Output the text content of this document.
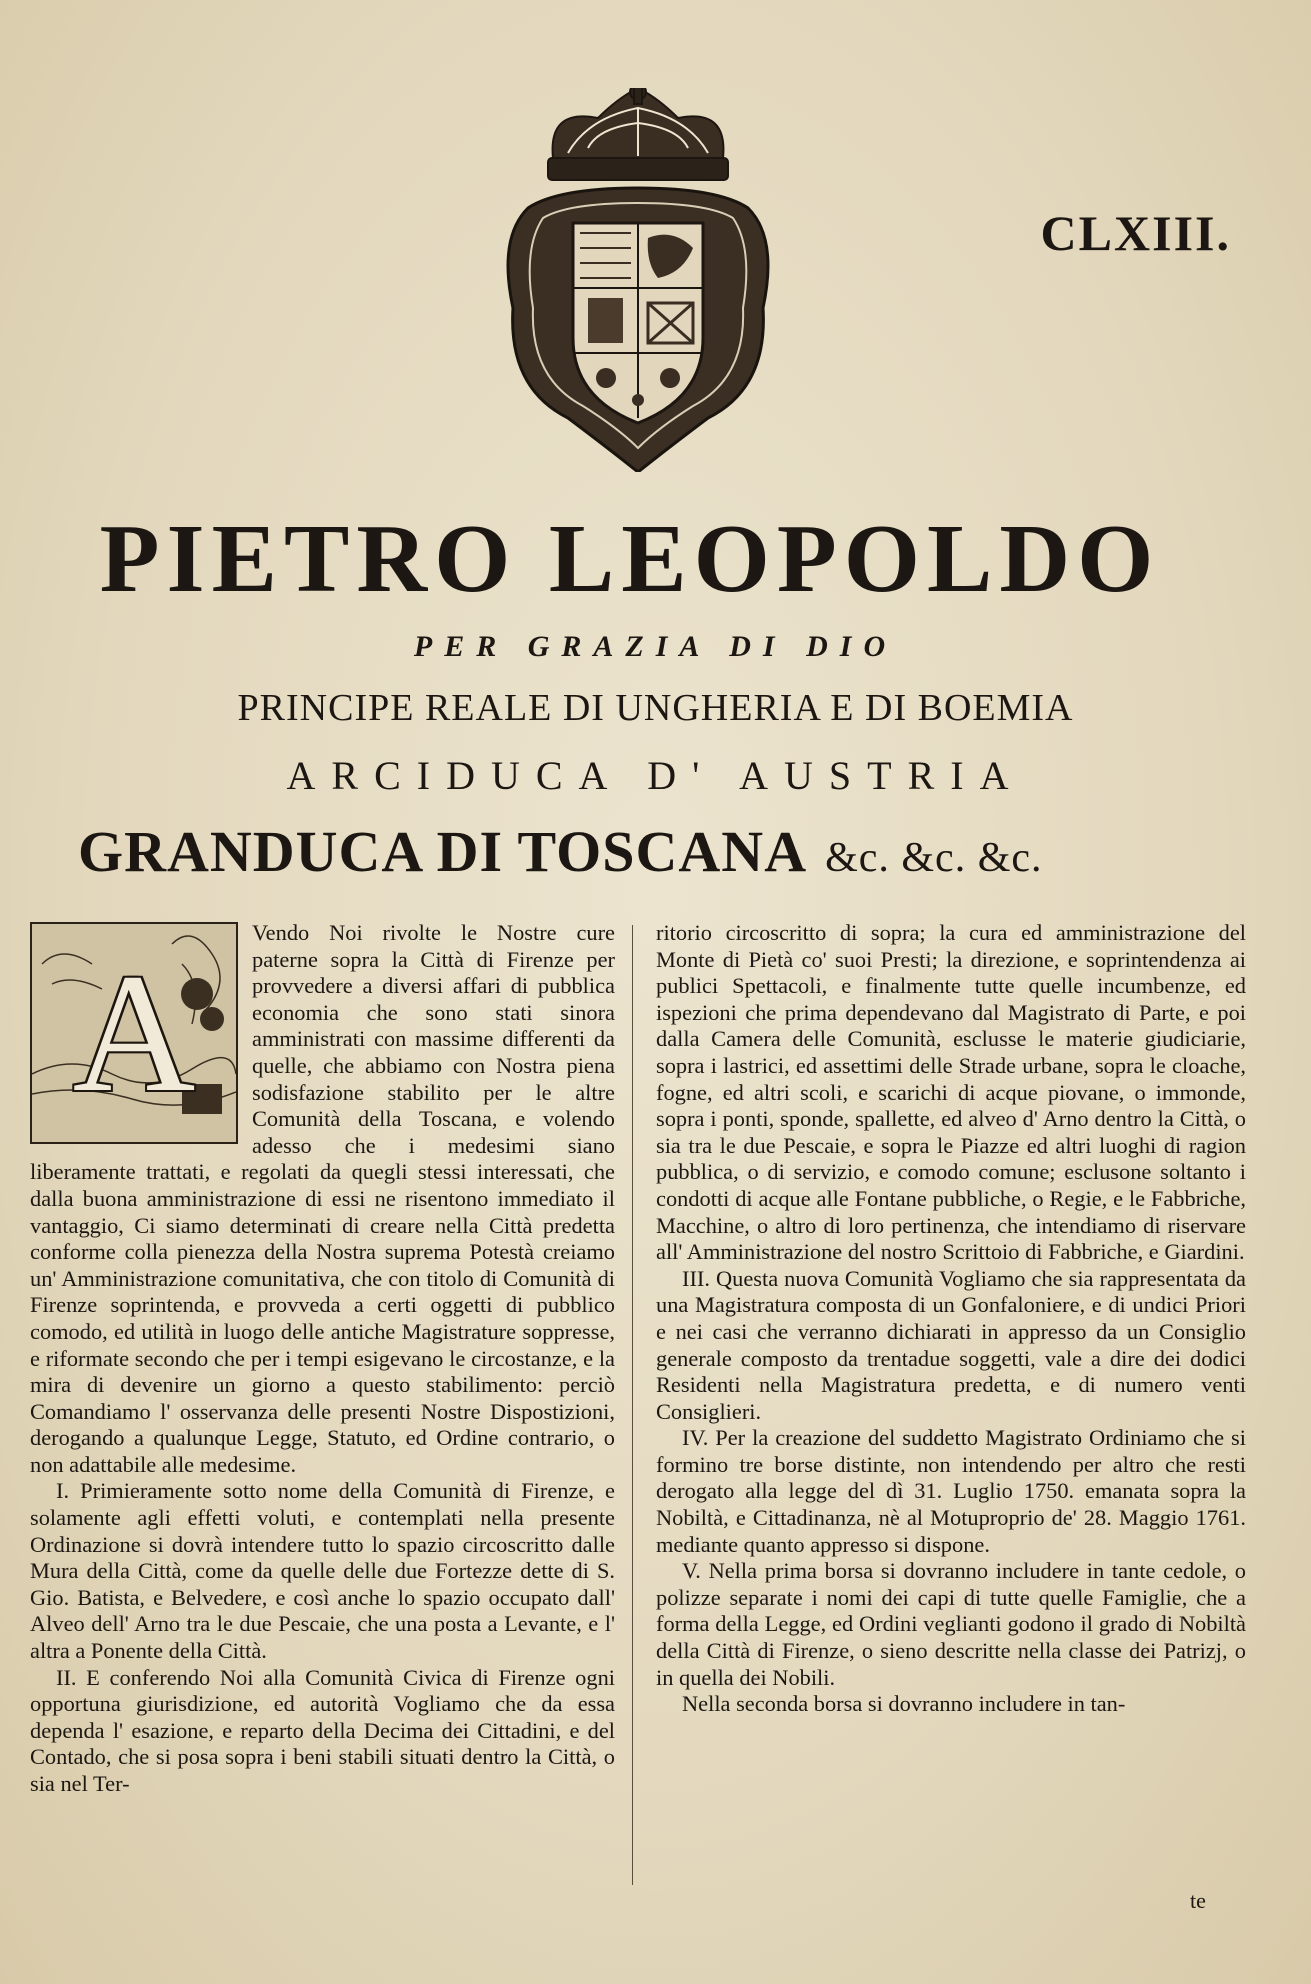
CLXIII.
PIETRO LEOPOLDO
PER GRAZIA DI DIO
PRINCIPE REALE DI UNGHERIA E DI BOEMIA
ARCIDUCA D' AUSTRIA
GRANDUCA DI TOSCANA &c. &c. &c.
A

Vendo Noi rivolte le Nostre cure paterne sopra la Città di Firenze per provvedere a diversi affari di pubblica economia che sono stati sinora amministrati con massime differenti da quelle, che abbiamo con Nostra piena sodisfazione stabilito per le altre Comunità della Toscana, e volendo adesso che i medesimi siano liberamente trattati, e regolati da quegli stessi interessati, che dalla buona amministrazione di essi ne risentono immediato il vantaggio, Ci siamo determinati di creare nella Città predetta conforme colla pienezza della Nostra suprema Potestà creiamo un' Amministrazione comunitativa, che con titolo di Comunità di Firenze soprintenda, e provveda a certi oggetti di pubblico comodo, ed utilità in luogo delle antiche Magistrature soppresse, e riformate secondo che per i tempi esigevano le circostanze, e la mira di devenire un giorno a questo stabilimento: perciò Comandiamo l' osservanza delle presenti Nostre Dispostizioni, derogando a qualunque Legge, Statuto, ed Ordine contrario, o non adattabile alle medesime.

I. Primieramente sotto nome della Comunità di Firenze, e solamente agli effetti voluti, e contemplati nella presente Ordinazione si dovrà intendere tutto lo spazio circoscritto dalle Mura della Città, come da quelle delle due Fortezze dette di S. Gio. Batista, e Belvedere, e così anche lo spazio occupato dall' Alveo dell' Arno tra le due Pescaie, che una posta a Levante, e l' altra a Ponente della Città.

II. E conferendo Noi alla Comunità Civica di Firenze ogni opportuna giurisdizione, ed autorità Vogliamo che da essa dependa l' esazione, e reparto della Decima dei Cittadini, e del Contado, che si posa sopra i beni stabili situati dentro la Città, o sia nel Ter-

ritorio circoscritto di sopra; la cura ed amministrazione del Monte di Pietà co' suoi Presti; la direzione, e soprintendenza ai publici Spettacoli, e finalmente tutte quelle incumbenze, ed ispezioni che prima dependevano dal Magistrato di Parte, e poi dalla Camera delle Comunità, esclusse le materie giudiciarie, sopra i lastrici, ed assettimi delle Strade urbane, sopra le cloache, fogne, ed altri scoli, e scarichi di acque piovane, o immonde, sopra i ponti, sponde, spallette, ed alveo d' Arno dentro la Città, o sia tra le due Pescaie, e sopra le Piazze ed altri luoghi di ragion pubblica, o di servizio, e comodo comune; esclusone soltanto i condotti di acque alle Fontane pubbliche, o Regie, e le Fabbriche, Macchine, o altro di loro pertinenza, che intendiamo di riservare all' Amministrazione del nostro Scrittoio di Fabbriche, e Giardini.

III. Questa nuova Comunità Vogliamo che sia rappresentata da una Magistratura composta di un Gonfaloniere, e di undici Priori e nei casi che verranno dichiarati in appresso da un Consiglio generale composto da trentadue soggetti, vale a dire dei dodici Residenti nella Magistratura predetta, e di numero venti Consiglieri.

IV. Per la creazione del suddetto Magistrato Ordiniamo che si formino tre borse distinte, non intendendo per altro che resti derogato alla legge del dì 31. Luglio 1750. emanata sopra la Nobiltà, e Cittadinanza, nè al Motuproprio de' 28. Maggio 1761. mediante quanto appresso si dispone.

V. Nella prima borsa si dovranno includere in tante cedole, o polizze separate i nomi dei capi di tutte quelle Famiglie, che a forma della Legge, ed Ordini veglianti godono il grado di Nobiltà della Città di Firenze, o sieno descritte nella classe dei Patrizj, o in quella dei Nobili.

Nella seconda borsa si dovranno includere in tan-

te
